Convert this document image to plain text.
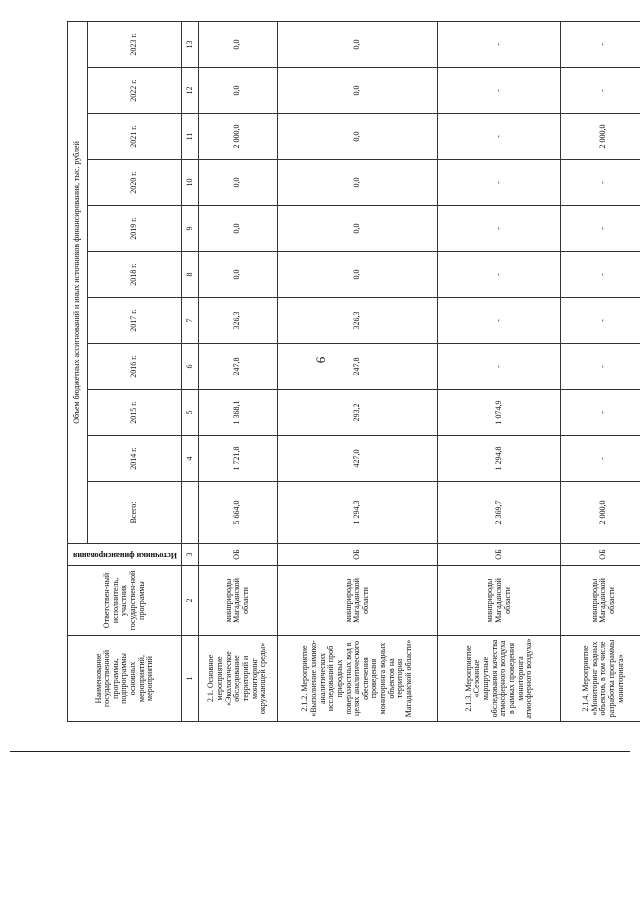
6
Наименование государственной программы, подпрограммы основных мероприятий, мероприятий	Ответствен-ный исполнитель, участник государствен-ной программы	Источники финансирования	Объем бюджетных ассигнований и иных источников финансирования, тыс. рублей										
			Всего:	2014 г.	2015 г.	2016 г.	2017 г.	2018 г.	2019 г.	2020 г.	2021 г.	2022 г.	2023 г.
1	2	3		4	5	6	7	8	9	10	11	12	13
2.1. Основное мероприятие «Экологическое обследование территорий и мониторинг окружающей среды»	минприроды Магаданской области	ОБ	5 664,0	1 721,8	1 368,1	247,8	326,3	0,0	0,0	0,0	2 000,0	0,0	0,0
2.1.2. Мероприятие «Выполнение химико-аналитических исследований проб природных поверхностных вод в целях аналитического обеспечения проведения мониторинга водных объектов на территории Магаданской области»	минприроды Магаданской области	ОБ	1 294,3	427,0	293,2	247,8	326,3	0,0	0,0	0,0	0,0	0,0	0,0
2.1.3. Мероприятие «Сезонные маршрутные обследования качества атмосферного воздуха в рамках проведения мониторинга атмосферного воздуха»	минприроды Магаданской области	ОБ	2 369,7	1 294,8	1 074,9	-	-	-	-	-	-	-	-
2.1.4. Мероприятие «Мониторинг водных объектов, в том числе разработка программы мониторинга»	минприроды Магаданской области	ОБ	2 000,0	-	-	-	-	-	-	-	2 000,0	-	-
